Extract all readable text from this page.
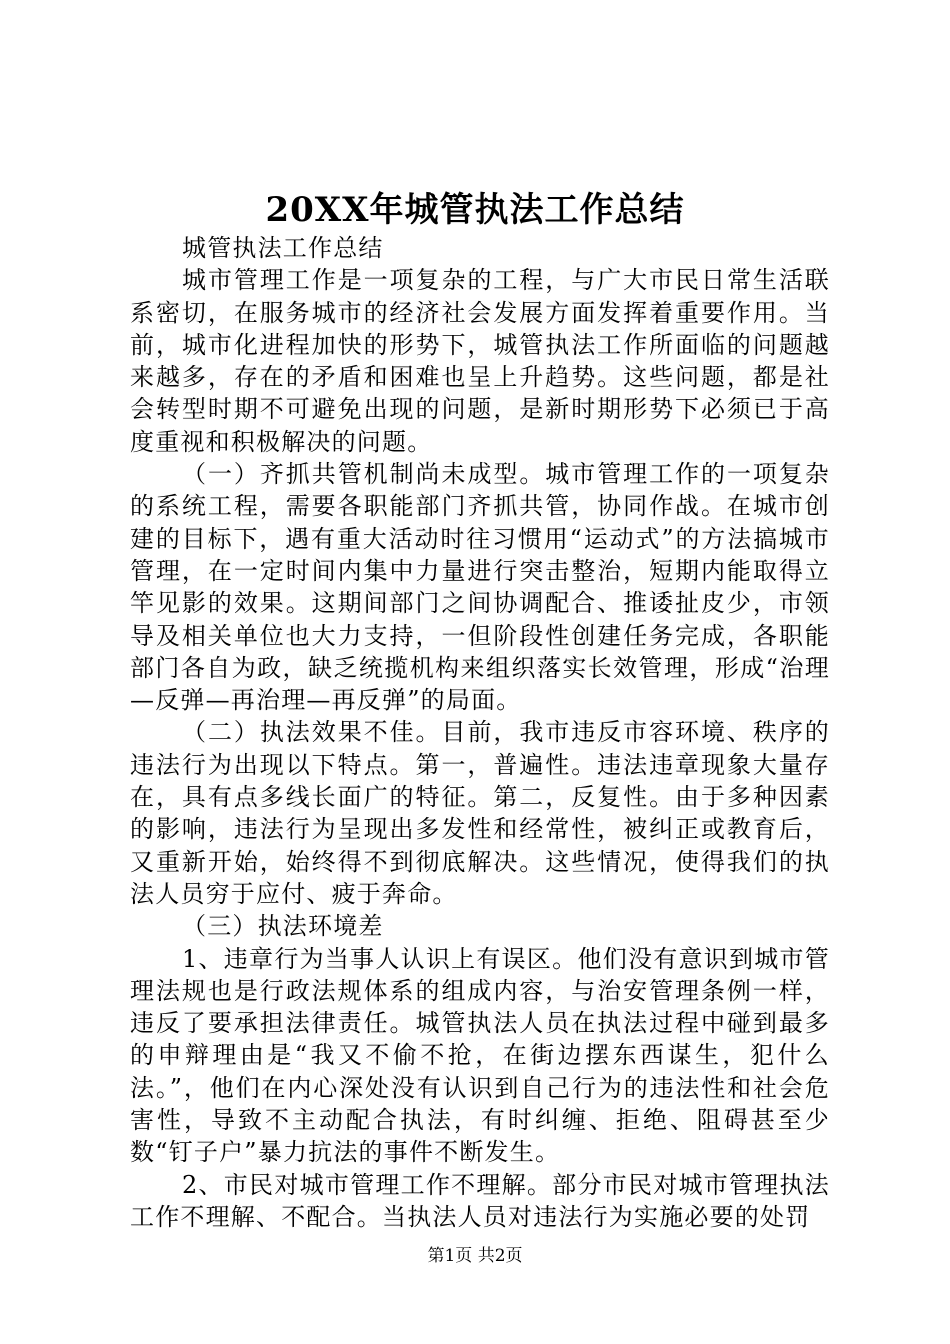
20XX年城管执法工作总结

城管执法工作总结

城市管理工作是一项复杂的工程，与广大市民日常生活联系密切，在服务城市的经济社会发展方面发挥着重要作用。当前，城市化进程加快的形势下，城管执法工作所面临的问题越来越多，存在的矛盾和困难也呈上升趋势。这些问题，都是社会转型时期不可避免出现的问题，是新时期形势下必须已于高度重视和积极解决的问题。

（一）齐抓共管机制尚未成型。城市管理工作的一项复杂的系统工程，需要各职能部门齐抓共管，协同作战。在城市创建的目标下，遇有重大活动时往习惯用“运动式”的方法搞城市管理，在一定时间内集中力量进行突击整治，短期内能取得立竿见影的效果。这期间部门之间协调配合、推诿扯皮少，市领导及相关单位也大力支持，一但阶段性创建任务完成，各职能部门各自为政，缺乏统揽机构来组织落实长效管理，形成“治理—反弹—再治理—再反弹”的局面。

（二）执法效果不佳。目前，我市违反市容环境、秩序的违法行为出现以下特点。第一，普遍性。违法违章现象大量存在，具有点多线长面广的特征。第二，反复性。由于多种因素的影响，违法行为呈现出多发性和经常性，被纠正或教育后，又重新开始，始终得不到彻底解决。这些情况，使得我们的执法人员穷于应付、疲于奔命。

（三）执法环境差

1、违章行为当事人认识上有误区。他们没有意识到城市管理法规也是行政法规体系的组成内容，与治安管理条例一样，违反了要承担法律责任。城管执法人员在执法过程中碰到最多的申辩理由是“我又不偷不抢，在街边摆东西谋生，犯什么法。”，他们在内心深处没有认识到自己行为的违法性和社会危害性，导致不主动配合执法，有时纠缠、拒绝、阻碍甚至少数“钉子户”暴力抗法的事件不断发生。

2、市民对城市管理工作不理解。部分市民对城市管理执法工作不理解、不配合。当执法人员对违法行为实施必要的处罚

第1页 共2页
